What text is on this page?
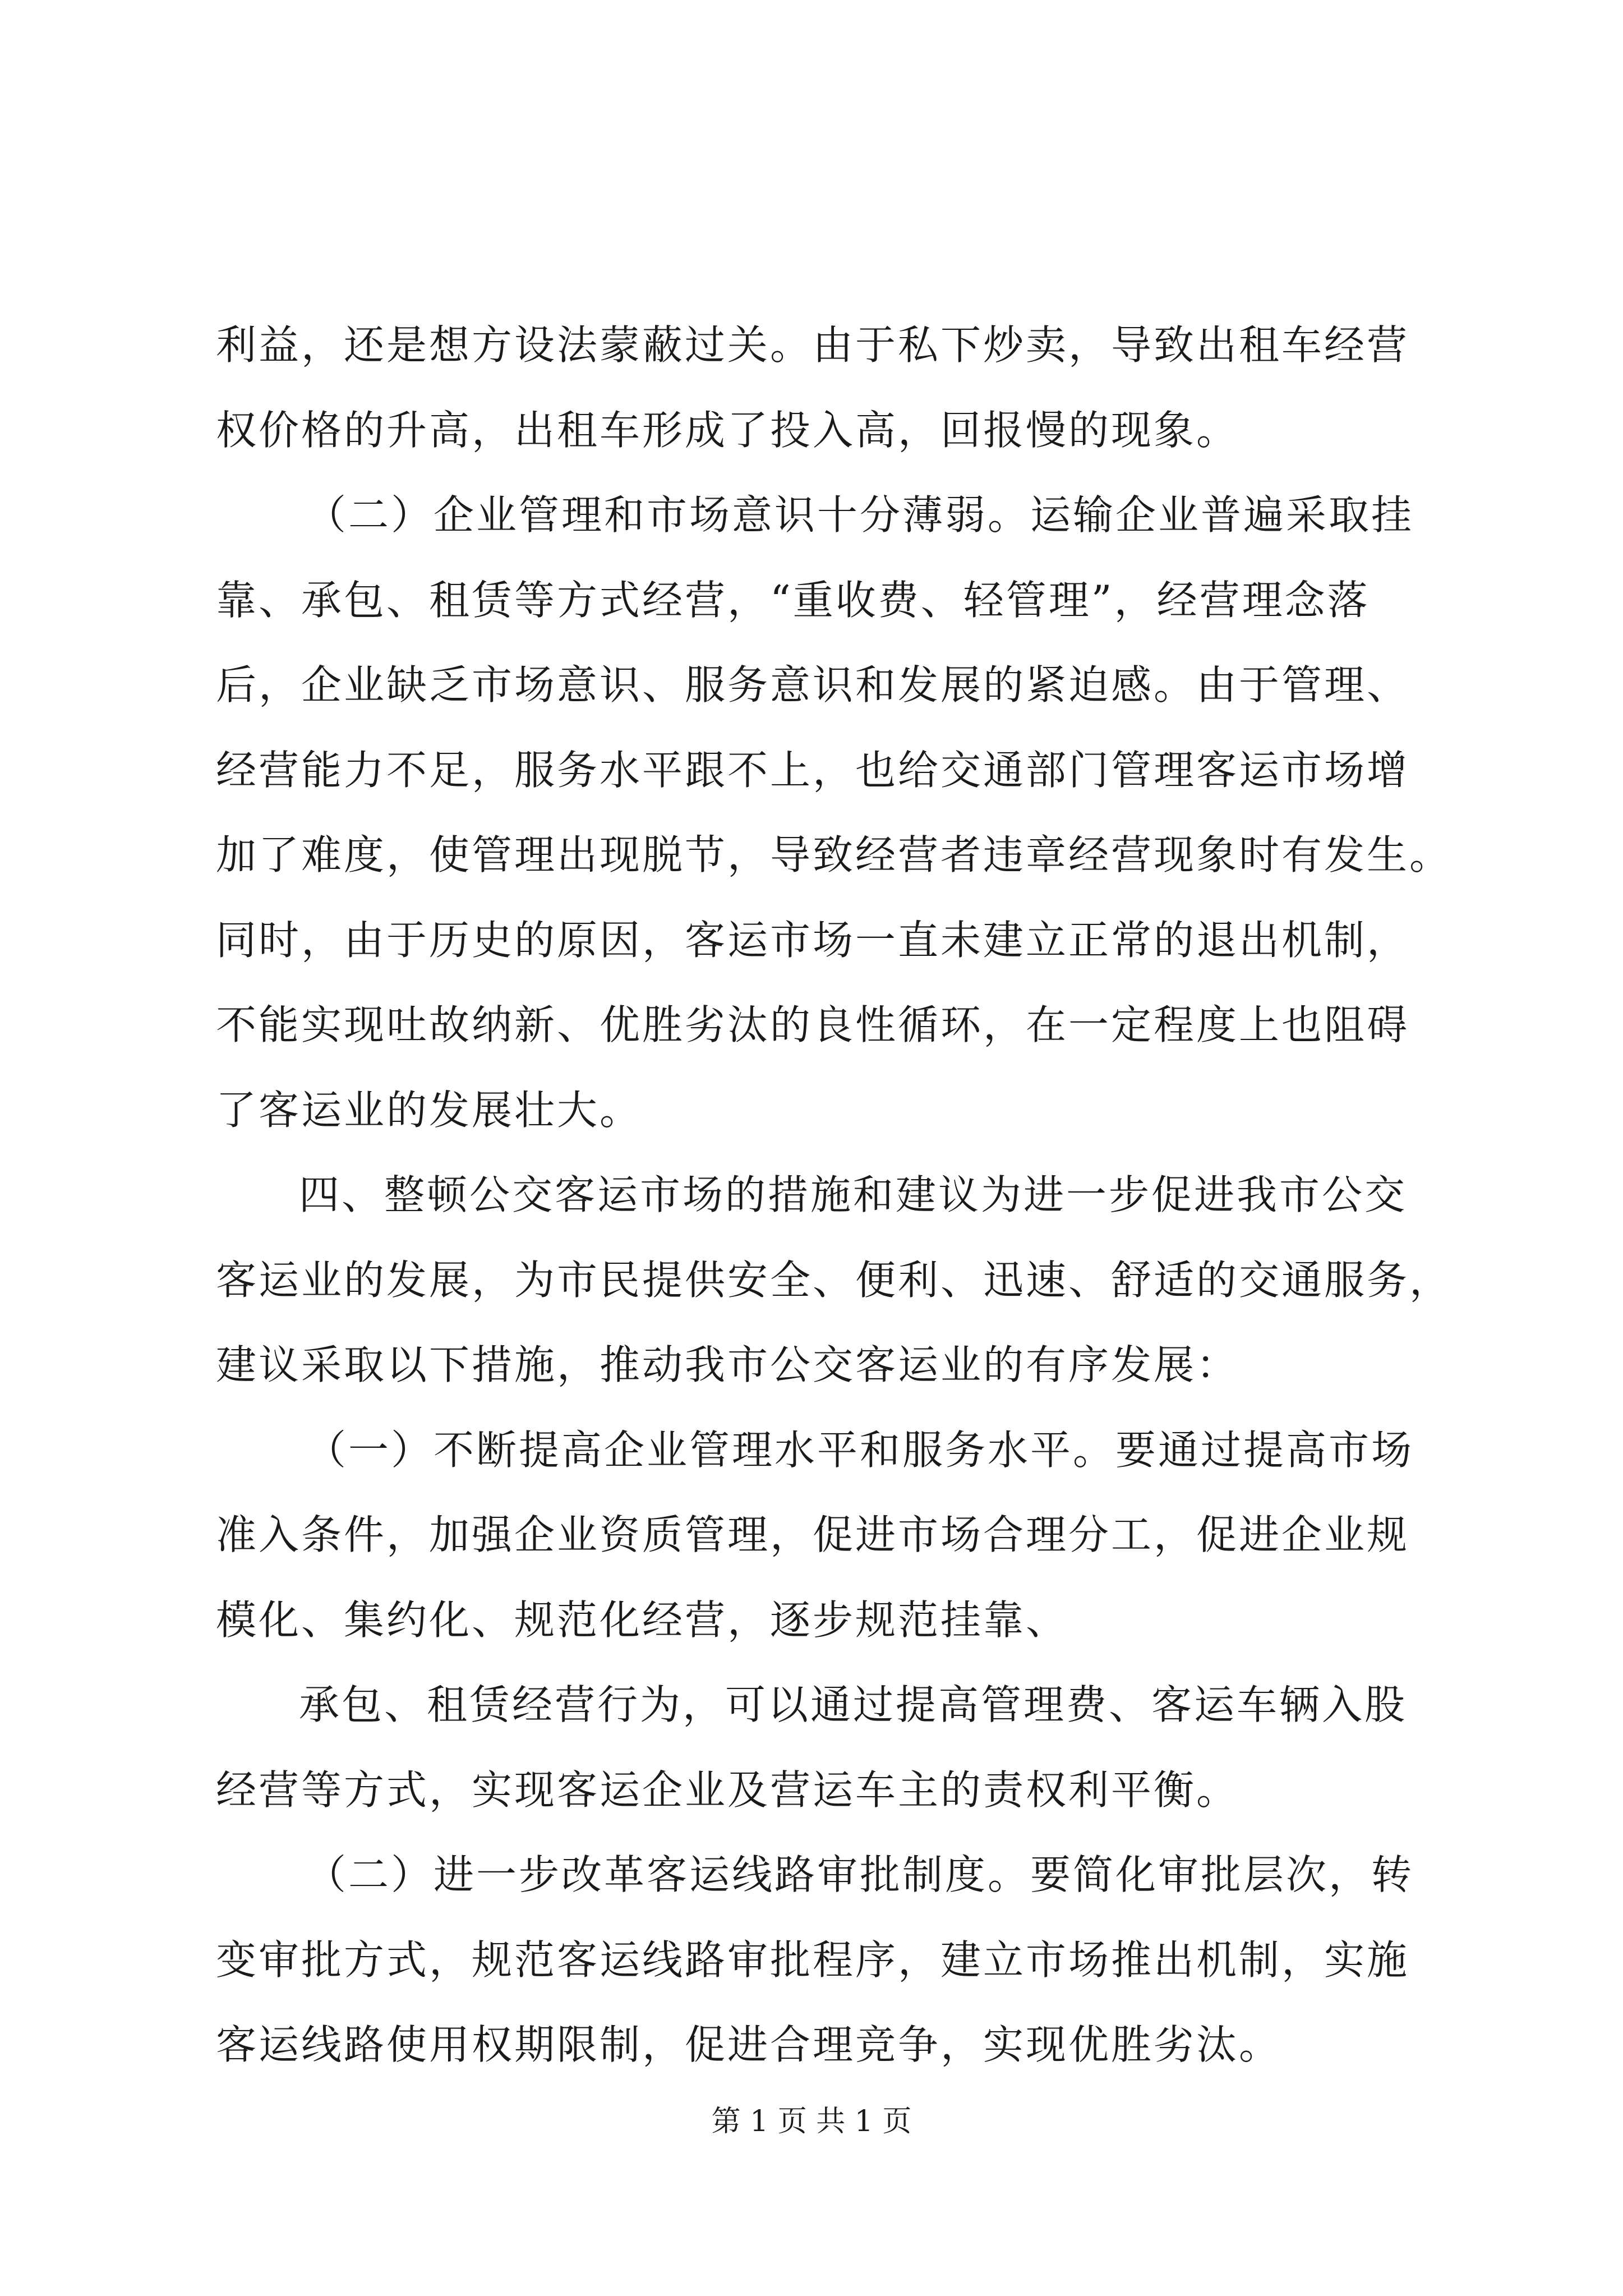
利益，还是想方设法蒙蔽过关。由于私下炒卖，导致出租车经营
权价格的升高，出租车形成了投入高，回报慢的现象。
（二）企业管理和市场意识十分薄弱。运输企业普遍采取挂
靠、承包、租赁等方式经营，“重收费、轻管理”，经营理念落
后，企业缺乏市场意识、服务意识和发展的紧迫感。由于管理、
经营能力不足，服务水平跟不上，也给交通部门管理客运市场增
加了难度，使管理出现脱节，导致经营者违章经营现象时有发生。
同时，由于历史的原因，客运市场一直未建立正常的退出机制，
不能实现吐故纳新、优胜劣汰的良性循环，在一定程度上也阻碍
了客运业的发展壮大。
四、整顿公交客运市场的措施和建议为进一步促进我市公交
客运业的发展，为市民提供安全、便利、迅速、舒适的交通服务，
建议采取以下措施，推动我市公交客运业的有序发展：
（一）不断提高企业管理水平和服务水平。要通过提高市场
准入条件，加强企业资质管理，促进市场合理分工，促进企业规
模化、集约化、规范化经营，逐步规范挂靠、
承包、租赁经营行为，可以通过提高管理费、客运车辆入股
经营等方式，实现客运企业及营运车主的责权利平衡。
（二）进一步改革客运线路审批制度。要简化审批层次，转
变审批方式，规范客运线路审批程序，建立市场推出机制，实施
客运线路使用权期限制，促进合理竞争，实现优胜劣汰。
第 1 页 共 1 页
